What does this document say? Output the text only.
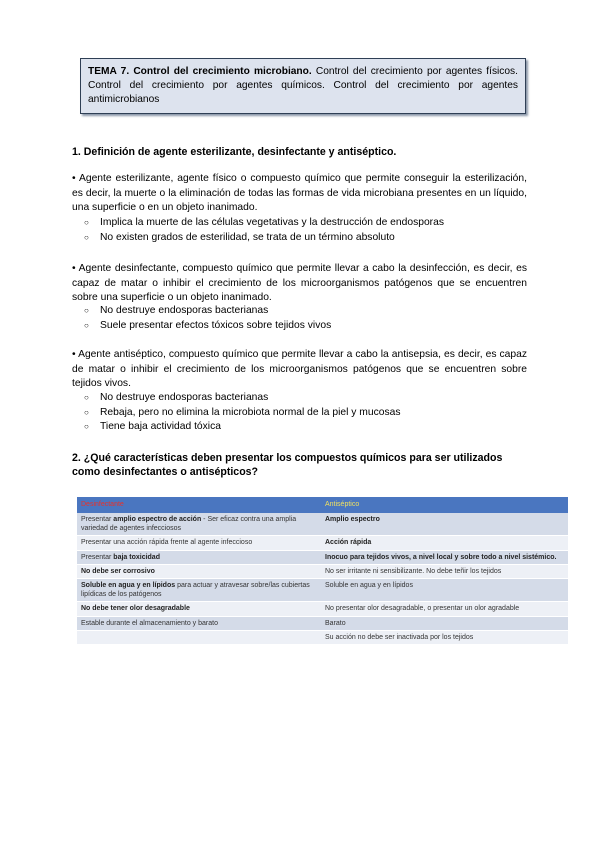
TEMA 7. Control del crecimiento microbiano. Control del crecimiento por agentes físicos. Control del crecimiento por agentes químicos. Control del crecimiento por agentes antimicrobianos
1. Definición de agente esterilizante, desinfectante y antiséptico.
• Agente esterilizante, agente físico o compuesto químico que permite conseguir la esterilización, es decir, la muerte o la eliminación de todas las formas de vida microbiana presentes en un líquido, una superficie o en un objeto inanimado.
○ Implica la muerte de las células vegetativas y la destrucción de endosporas
○ No existen grados de esterilidad, se trata de un término absoluto
• Agente desinfectante, compuesto químico que permite llevar a cabo la desinfección, es decir, es capaz de matar o inhibir el crecimiento de los microorganismos patógenos que se encuentren sobre una superficie o un objeto inanimado.
○ No destruye endosporas bacterianas
○ Suele presentar efectos tóxicos sobre tejidos vivos
• Agente antiséptico, compuesto químico que permite llevar a cabo la antisepsia, es decir, es capaz de matar o inhibir el crecimiento de los microorganismos patógenos que se encuentren sobre tejidos vivos.
○ No destruye endosporas bacterianas
○ Rebaja, pero no elimina la microbiota normal de la piel y mucosas
○ Tiene baja actividad tóxica
2. ¿Qué características deben presentar los compuestos químicos para ser utilizados como desinfectantes o antisépticos?
Desinfectante	Antiséptico
Presentar amplio espectro de acción - Ser eficaz contra una amplia variedad de agentes infecciosos	Amplio espectro
Presentar una acción rápida frente al agente infeccioso	Acción rápida
Presentar baja toxicidad	Inocuo para tejidos vivos, a nivel local y sobre todo a nivel sistémico.
No debe ser corrosivo	No ser irritante ni sensibilizante. No debe teñir los tejidos
Soluble en agua y en lípidos para actuar y atravesar sobre/las cubiertas lipídicas de los patógenos	Soluble en agua y en lípidos
No debe tener olor desagradable	No presentar olor desagradable, o presentar un olor agradable
Estable durante el almacenamiento y barato	Barato
	Su acción no debe ser inactivada por los tejidos
